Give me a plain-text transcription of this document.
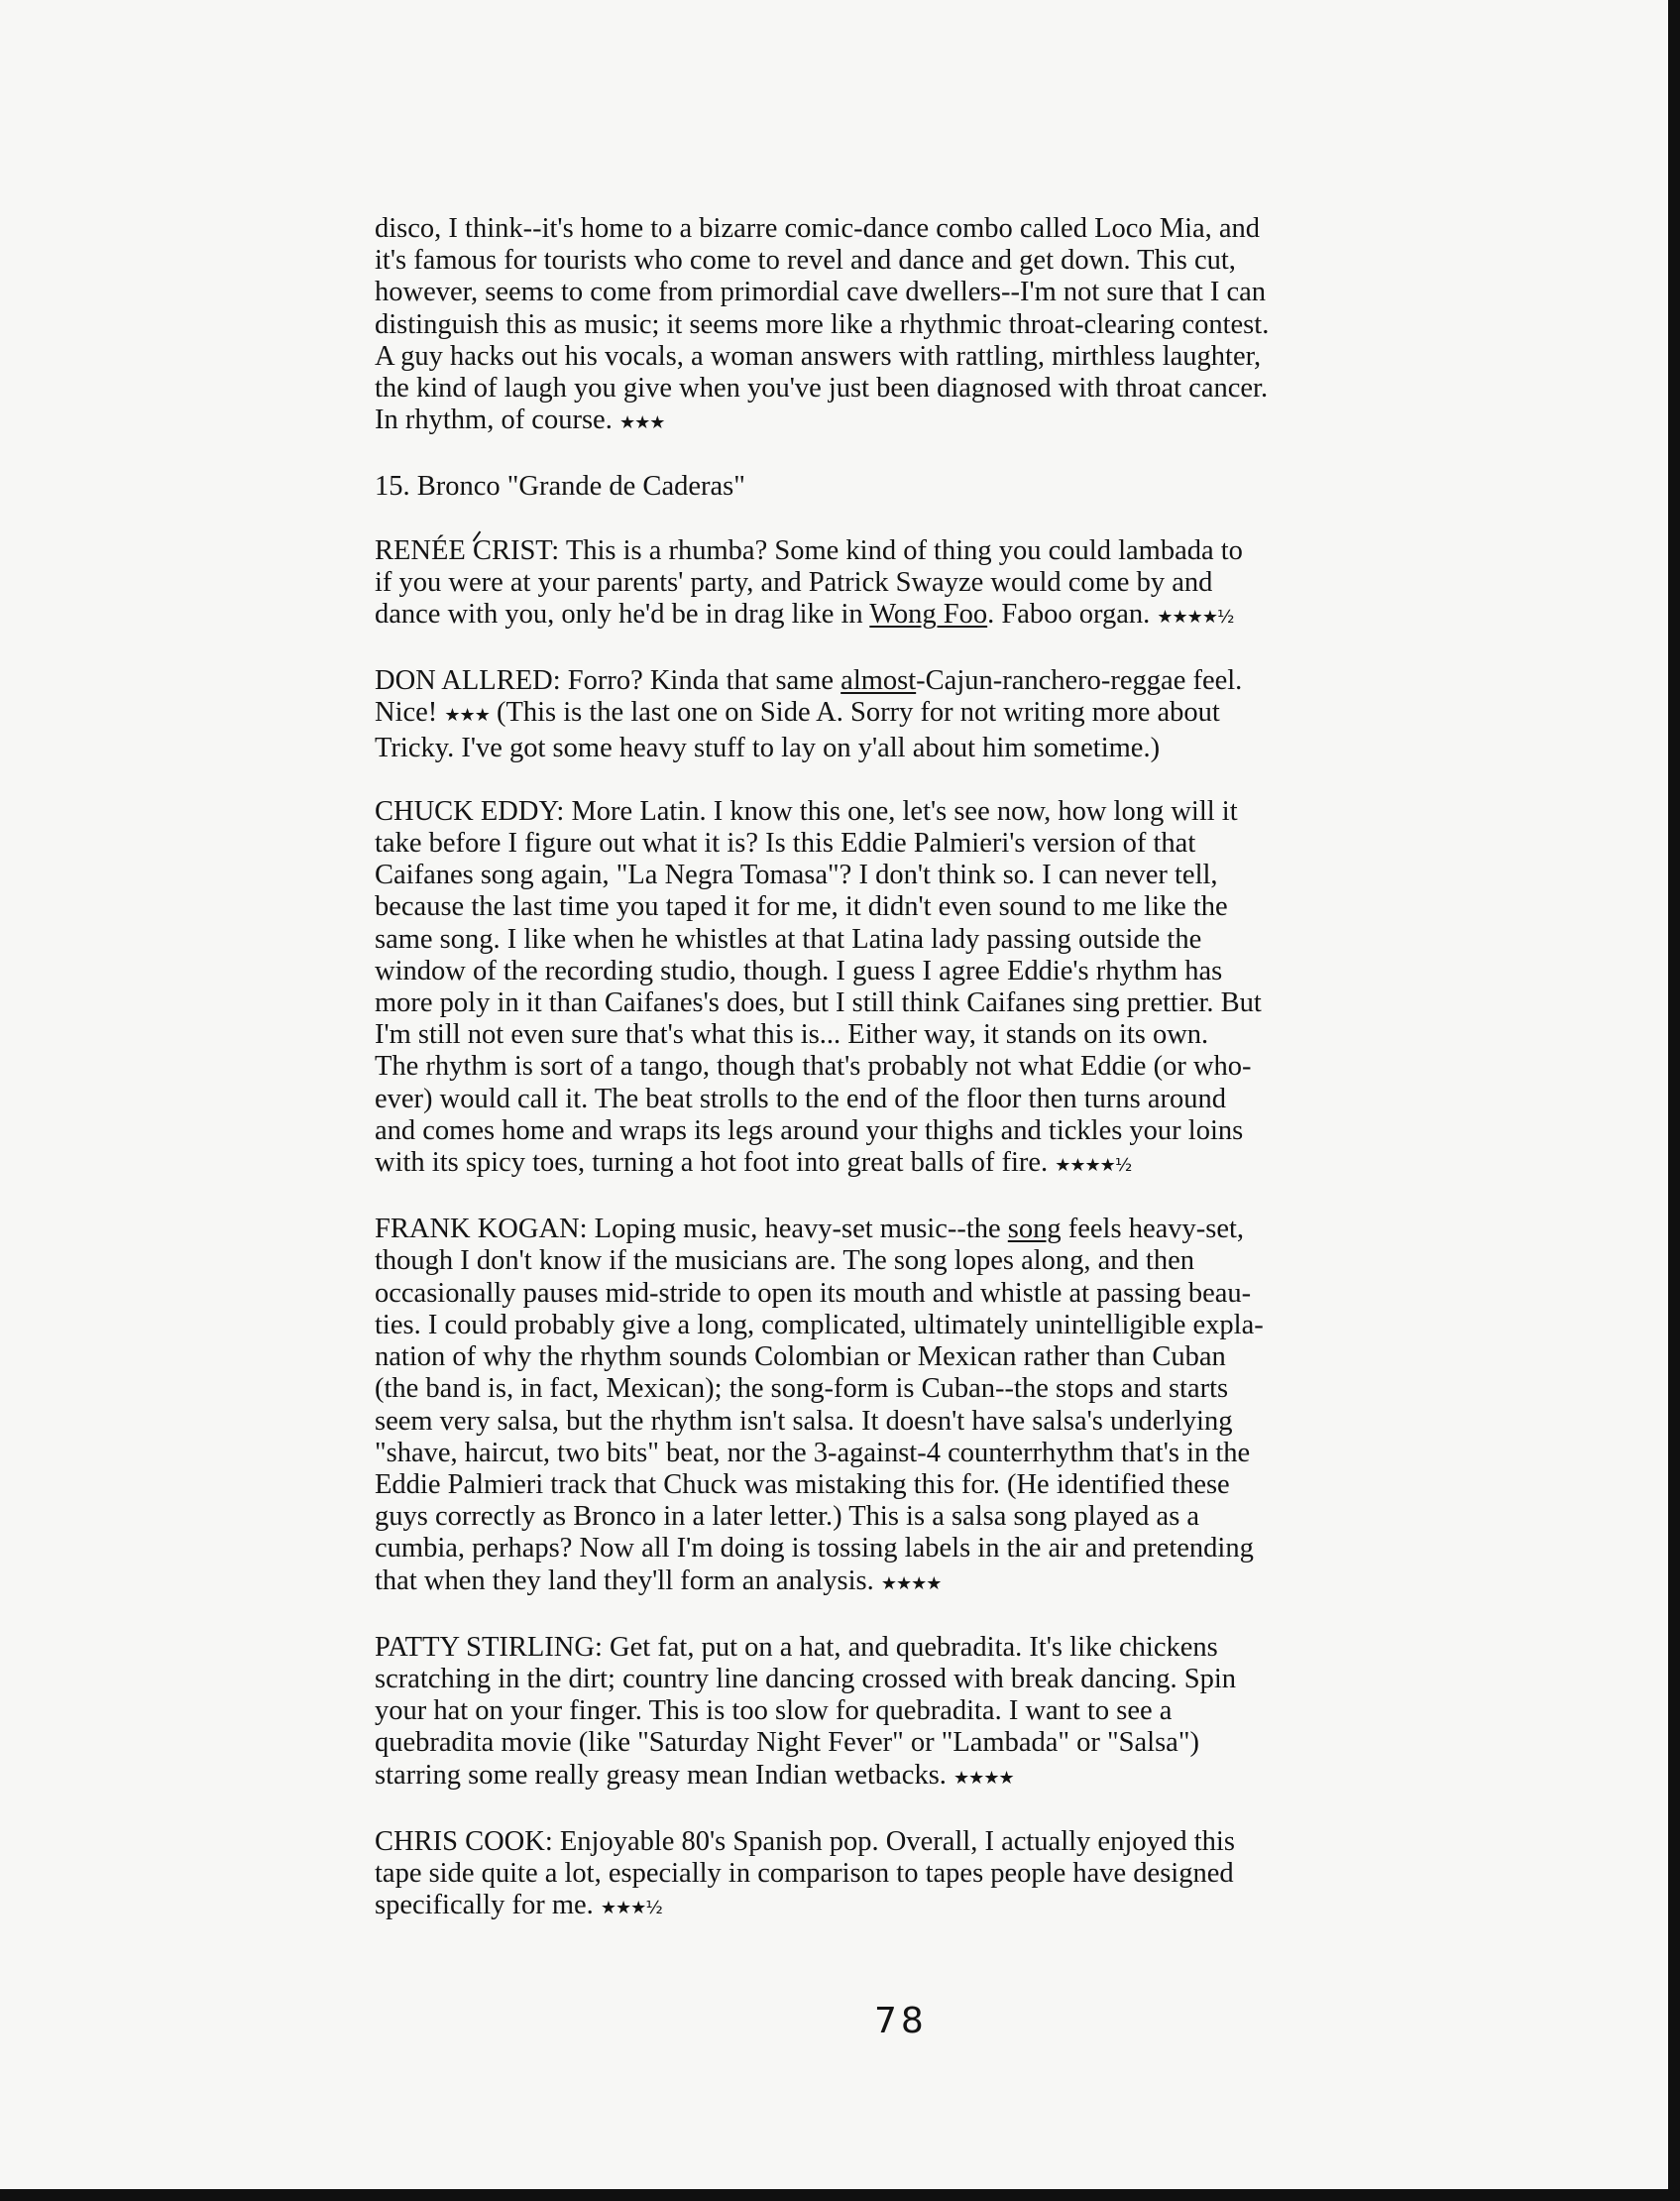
disco, I think--it's home to a bizarre comic-dance combo called Loco Mia, and

it's famous for tourists who come to revel and dance and get down. This cut,

however, seems to come from primordial cave dwellers--I'm not sure that I can

distinguish this as music; it seems more like a rhythmic throat-clearing contest.

A guy hacks out his vocals, a woman answers with rattling, mirthless laughter,

the kind of laugh you give when you've just been diagnosed with throat cancer.

In rhythm, of course. ★★★

15. Bronco "Grande de Caderas"

RENÉE CRIST: This is a rhumba? Some kind of thing you could lambada to

if you were at your parents' party, and Patrick Swayze would come by and

dance with you, only he'd be in drag like in Wong Foo. Faboo organ. ★★★★½

DON ALLRED: Forro? Kinda that same almost-Cajun-ranchero-reggae feel.

Nice! ★★★ (This is the last one on Side A. Sorry for not writing more about

Tricky. I've got some heavy stuff to lay on y'all about him sometime.)

CHUCK EDDY: More Latin. I know this one, let's see now, how long will it

take before I figure out what it is? Is this Eddie Palmieri's version of that

Caifanes song again, "La Negra Tomasa"? I don't think so. I can never tell,

because the last time you taped it for me, it didn't even sound to me like the

same song. I like when he whistles at that Latina lady passing outside the

window of the recording studio, though. I guess I agree Eddie's rhythm has

more poly in it than Caifanes's does, but I still think Caifanes sing prettier. But

I'm still not even sure that's what this is... Either way, it stands on its own.

The rhythm is sort of a tango, though that's probably not what Eddie (or who-

ever) would call it. The beat strolls to the end of the floor then turns around

and comes home and wraps its legs around your thighs and tickles your loins

with its spicy toes, turning a hot foot into great balls of fire. ★★★★½

FRANK KOGAN: Loping music, heavy-set music--the song feels heavy-set,

though I don't know if the musicians are. The song lopes along, and then

occasionally pauses mid-stride to open its mouth and whistle at passing beau-

ties. I could probably give a long, complicated, ultimately unintelligible expla-

nation of why the rhythm sounds Colombian or Mexican rather than Cuban

(the band is, in fact, Mexican); the song-form is Cuban--the stops and starts

seem very salsa, but the rhythm isn't salsa. It doesn't have salsa's underlying

"shave, haircut, two bits" beat, nor the 3-against-4 counterrhythm that's in the

Eddie Palmieri track that Chuck was mistaking this for. (He identified these

guys correctly as Bronco in a later letter.) This is a salsa song played as a

cumbia, perhaps? Now all I'm doing is tossing labels in the air and pretending

that when they land they'll form an analysis. ★★★★

PATTY STIRLING: Get fat, put on a hat, and quebradita. It's like chickens

scratching in the dirt; country line dancing crossed with break dancing. Spin

your hat on your finger. This is too slow for quebradita. I want to see a

quebradita movie (like "Saturday Night Fever" or "Lambada" or "Salsa")

starring some really greasy mean Indian wetbacks. ★★★★

CHRIS COOK: Enjoyable 80's Spanish pop. Overall, I actually enjoyed this

tape side quite a lot, especially in comparison to tapes people have designed

specifically for me. ★★★½

78
